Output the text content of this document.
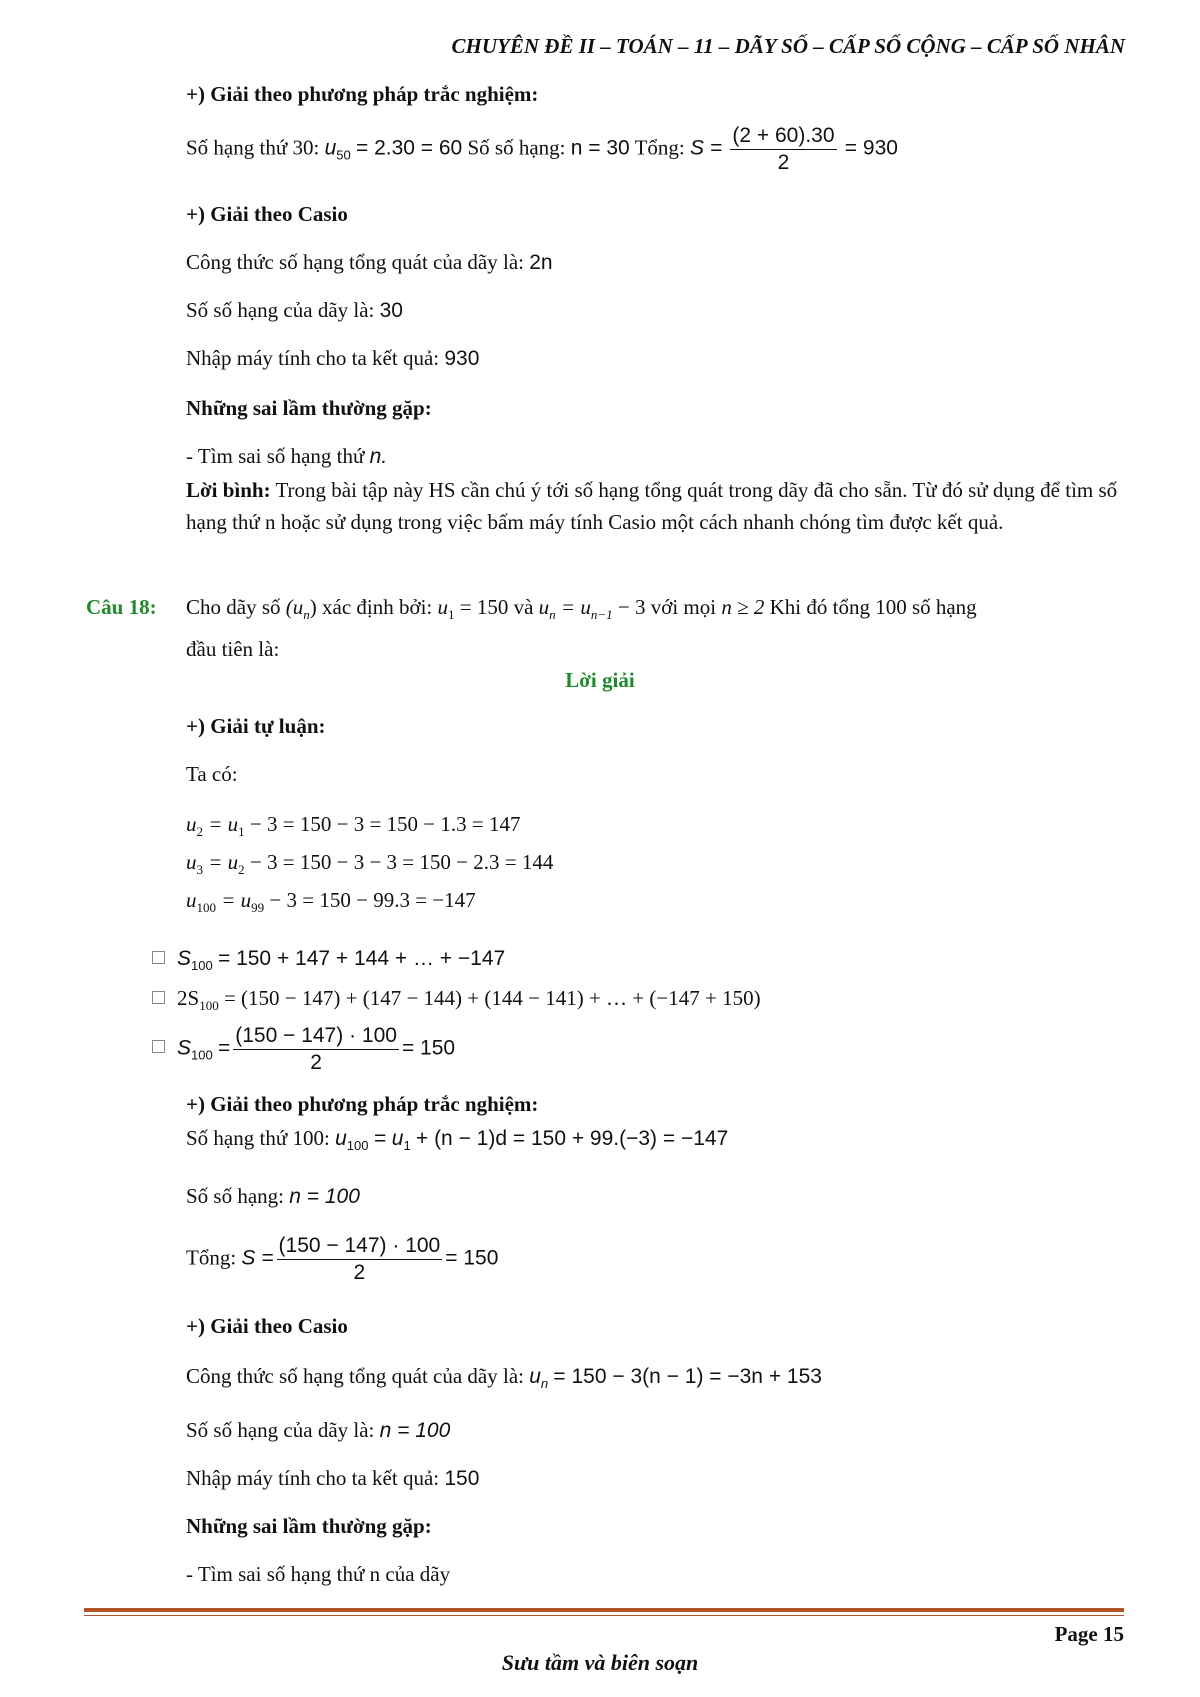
CHUYÊN ĐỀ II – TOÁN – 11 – DÃY SỐ – CẤP SỐ CỘNG – CẤP SỐ NHÂN
+) Giải theo phương pháp trắc nghiệm:
Số hạng thứ 30: $u_{50} = 2.30 = 60$ Số số hạng: n = 30 Tổng: $S = \frac{(2 + 60).30}{2} = 930$
+) Giải theo Casio
Công thức số hạng tổng quát của dãy là: 2n
Số số hạng của dãy là: 30
Nhập máy tính cho ta kết quả: 930
Những sai lầm thường gặp:
- Tìm sai số hạng thứ n.
Lời bình: Trong bài tập này HS cần chú ý tới số hạng tổng quát trong dãy đã cho sẵn. Từ đó sử dụng để tìm số hạng thứ n hoặc sử dụng trong việc bấm máy tính Casio một cách nhanh chóng tìm được kết quả.
Câu 18: Cho dãy số $(u_n)$ xác định bởi: $u_1 = 150$ và $u_n = u_{n-1} - 3$ với mọi n ≥ 2 Khi đó tổng 100 số hạng
đầu tiên là:
Lời giải
+) Giải tự luận:
Ta có:
$u_2 = u_1 - 3 = 150 - 3 = 150 - 1.3 = 147$
$u_3 = u_2 - 3 = 150 - 3 - 3 = 150 - 2.3 = 144$
$u_{100} = u_{99} - 3 = 150 - 99.3 = -147$
$S_{100} = 150 + 147 + 144$ + … + −147
$2S_{100} = (150 - 147) + (147 - 144) + (144 - 141)$ + … + (−147 + 150)
$S_{100} = \frac{(150 - 147) \cdot 100}{2} = 150$
+) Giải theo phương pháp trắc nghiệm:
Số hạng thứ 100: $u_{100} = u_1 + (n - 1)d = 150 + 99.(-3) = -147$
Số số hạng: n = 100
Tổng: $S = \frac{(150 - 147) \cdot 100}{2} = 150$
+) Giải theo Casio
Công thức số hạng tổng quát của dãy là: $u_n = 150 - 3(n - 1) = -3n + 153$
Số số hạng của dãy là: n = 100
Nhập máy tính cho ta kết quả: 150
Những sai lầm thường gặp:
- Tìm sai số hạng thứ n của dãy
Page 15
Sưu tầm và biên soạn
